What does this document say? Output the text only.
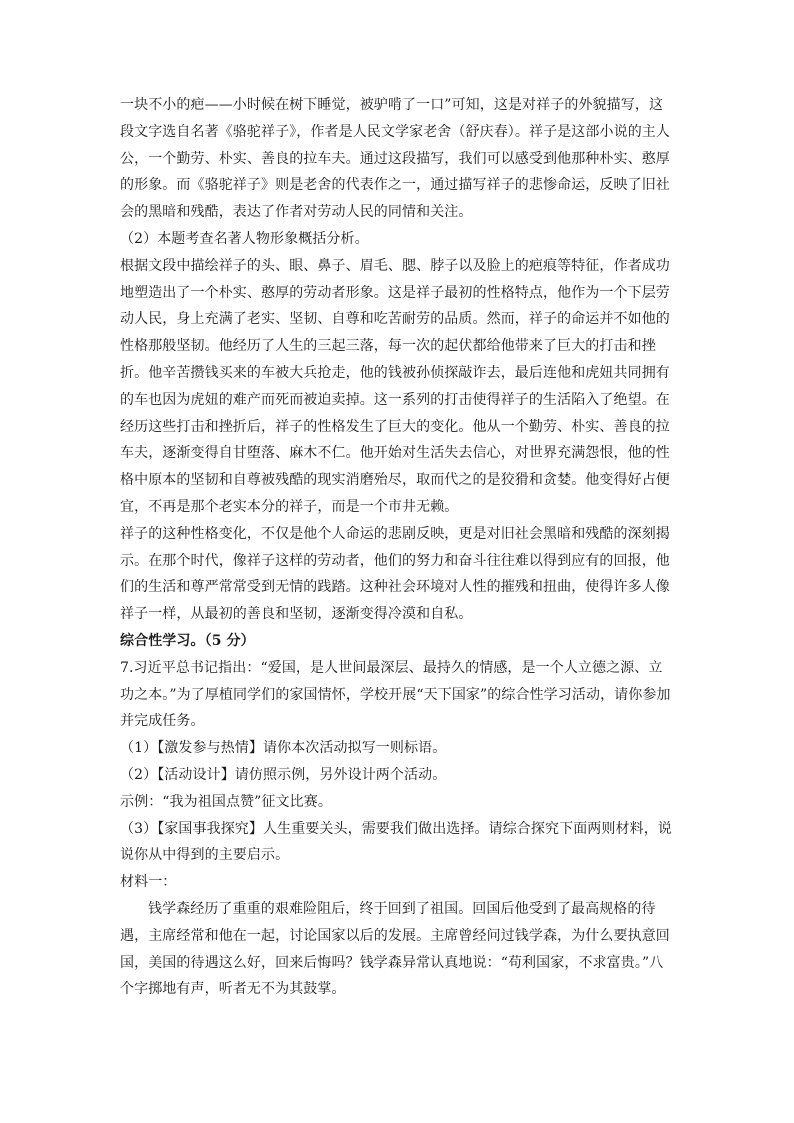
一块不小的疤——小时候在树下睡觉，被驴啃了一口”可知，这是对祥子的外貌描写，这段文字选自名著《骆驼祥子》，作者是人民文学家老舍（舒庆春）。祥子是这部小说的主人公，一个勤劳、朴实、善良的拉车夫。通过这段描写，我们可以感受到他那种朴实、憨厚的形象。而《骆驼祥子》则是老舍的代表作之一，通过描写祥子的悲惨命运，反映了旧社会的黑暗和残酷，表达了作者对劳动人民的同情和关注。

（2）本题考查名著人物形象概括分析。

根据文段中描绘祥子的头、眼、鼻子、眉毛、腮、脖子以及脸上的疤痕等特征，作者成功地塑造出了一个朴实、憨厚的劳动者形象。这是祥子最初的性格特点，他作为一个下层劳动人民，身上充满了老实、坚韧、自尊和吃苦耐劳的品质。然而，祥子的命运并不如他的性格那般坚韧。他经历了人生的三起三落，每一次的起伏都给他带来了巨大的打击和挫折。他辛苦攒钱买来的车被大兵抢走，他的钱被孙侦探敲诈去，最后连他和虎妞共同拥有的车也因为虎妞的难产而死而被迫卖掉。这一系列的打击使得祥子的生活陷入了绝望。在经历这些打击和挫折后，祥子的性格发生了巨大的变化。他从一个勤劳、朴实、善良的拉车夫，逐渐变得自甘堕落、麻木不仁。他开始对生活失去信心，对世界充满怨恨，他的性格中原本的坚韧和自尊被残酷的现实消磨殆尽，取而代之的是狡猾和贪婪。他变得好占便宜，不再是那个老实本分的祥子，而是一个市井无赖。

祥子的这种性格变化，不仅是他个人命运的悲剧反映，更是对旧社会黑暗和残酷的深刻揭示。在那个时代，像祥子这样的劳动者，他们的努力和奋斗往往难以得到应有的回报，他们的生活和尊严常常受到无情的践踏。这种社会环境对人性的摧残和扭曲，使得许多人像祥子一样，从最初的善良和坚韧，逐渐变得冷漠和自私。

综合性学习。（5 分）

7.习近平总书记指出：“爱国，是人世间最深层、最持久的情感，是一个人立德之源、立功之本。”为了厚植同学们的家国情怀，学校开展“天下国家”的综合性学习活动，请你参加并完成任务。

（1）【激发参与热情】请你本次活动拟写一则标语。

（2）【活动设计】请仿照示例，另外设计两个活动。

示例：“我为祖国点赞”征文比赛。

（3）【家国事我探究】人生重要关头，需要我们做出选择。请综合探究下面两则材料，说说你从中得到的主要启示。

材料一：

钱学森经历了重重的艰难险阻后，终于回到了祖国。回国后他受到了最高规格的待遇，主席经常和他在一起，讨论国家以后的发展。主席曾经问过钱学森，为什么要执意回国，美国的待遇这么好，回来后悔吗？钱学森异常认真地说：“苟利国家，不求富贵。”八个字掷地有声，听者无不为其鼓掌。
